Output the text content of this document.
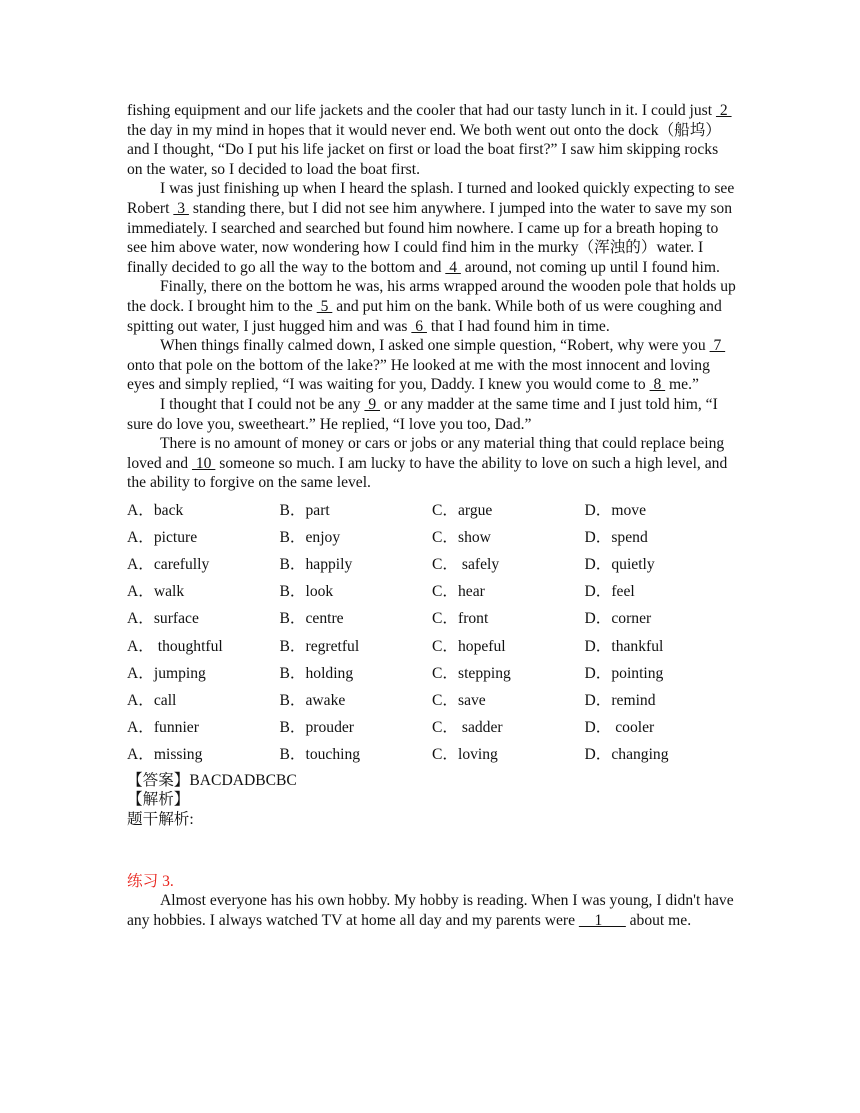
fishing equipment and our life jackets and the cooler that had our tasty lunch in it. I could just  2  the day in my mind in hopes that it would never end. We both went out onto the dock（船坞）and I thought, “Do I put his life jacket on first or load the boat first?” I saw him skipping rocks on the water, so I decided to load the boat first.

I was just finishing up when I heard the splash. I turned and looked quickly expecting to see Robert  3  standing there, but I did not see him anywhere. I jumped into the water to save my son immediately. I searched and searched but found him nowhere. I came up for a breath hoping to see him above water, now wondering how I could find him in the murky（浑浊的）water. I finally decided to go all the way to the bottom and  4  around, not coming up until I found him.

Finally, there on the bottom he was, his arms wrapped around the wooden pole that holds up the dock. I brought him to the  5  and put him on the bank. While both of us were coughing and spitting out water, I just hugged him and was  6  that I had found him in time.

When things finally calmed down, I asked one simple question, “Robert, why were you  7  onto that pole on the bottom of the lake?” He looked at me with the most innocent and loving eyes and simply replied, “I was waiting for you, Daddy. I knew you would come to  8  me.”

I thought that I could not be any  9  or any madder at the same time and I just told him, “I sure do love you, sweetheart.” He replied, “I love you too, Dad.”

There is no amount of money or cars or jobs or any material thing that could replace being loved and  10  someone so much. I am lucky to have the ability to love on such a high level, and the ability to forgive on the same level.

A．back	B．part	C．argue	D．move
A．picture	B．enjoy	C．show	D．spend
A．carefully	B．happily	C． safely	D．quietly
A．walk	B．look	C．hear	D．feel
A．surface	B．centre	C．front	D．corner
A． thoughtful	B．regretful	C．hopeful	D．thankful
A．jumping	B．holding	C．stepping	D．pointing
A．call	B．awake	C．save	D．remind
A．funnier	B．prouder	C． sadder	D． cooler
A．missing	B．touching	C．loving	D．changing
【答案】BACDADBCBC
【解析】
题干解析:
练习 3.

Almost everyone has his own hobby. My hobby is reading. When I was young, I didn't have any hobbies. I always watched TV at home all day and my parents were __1___ about me.
